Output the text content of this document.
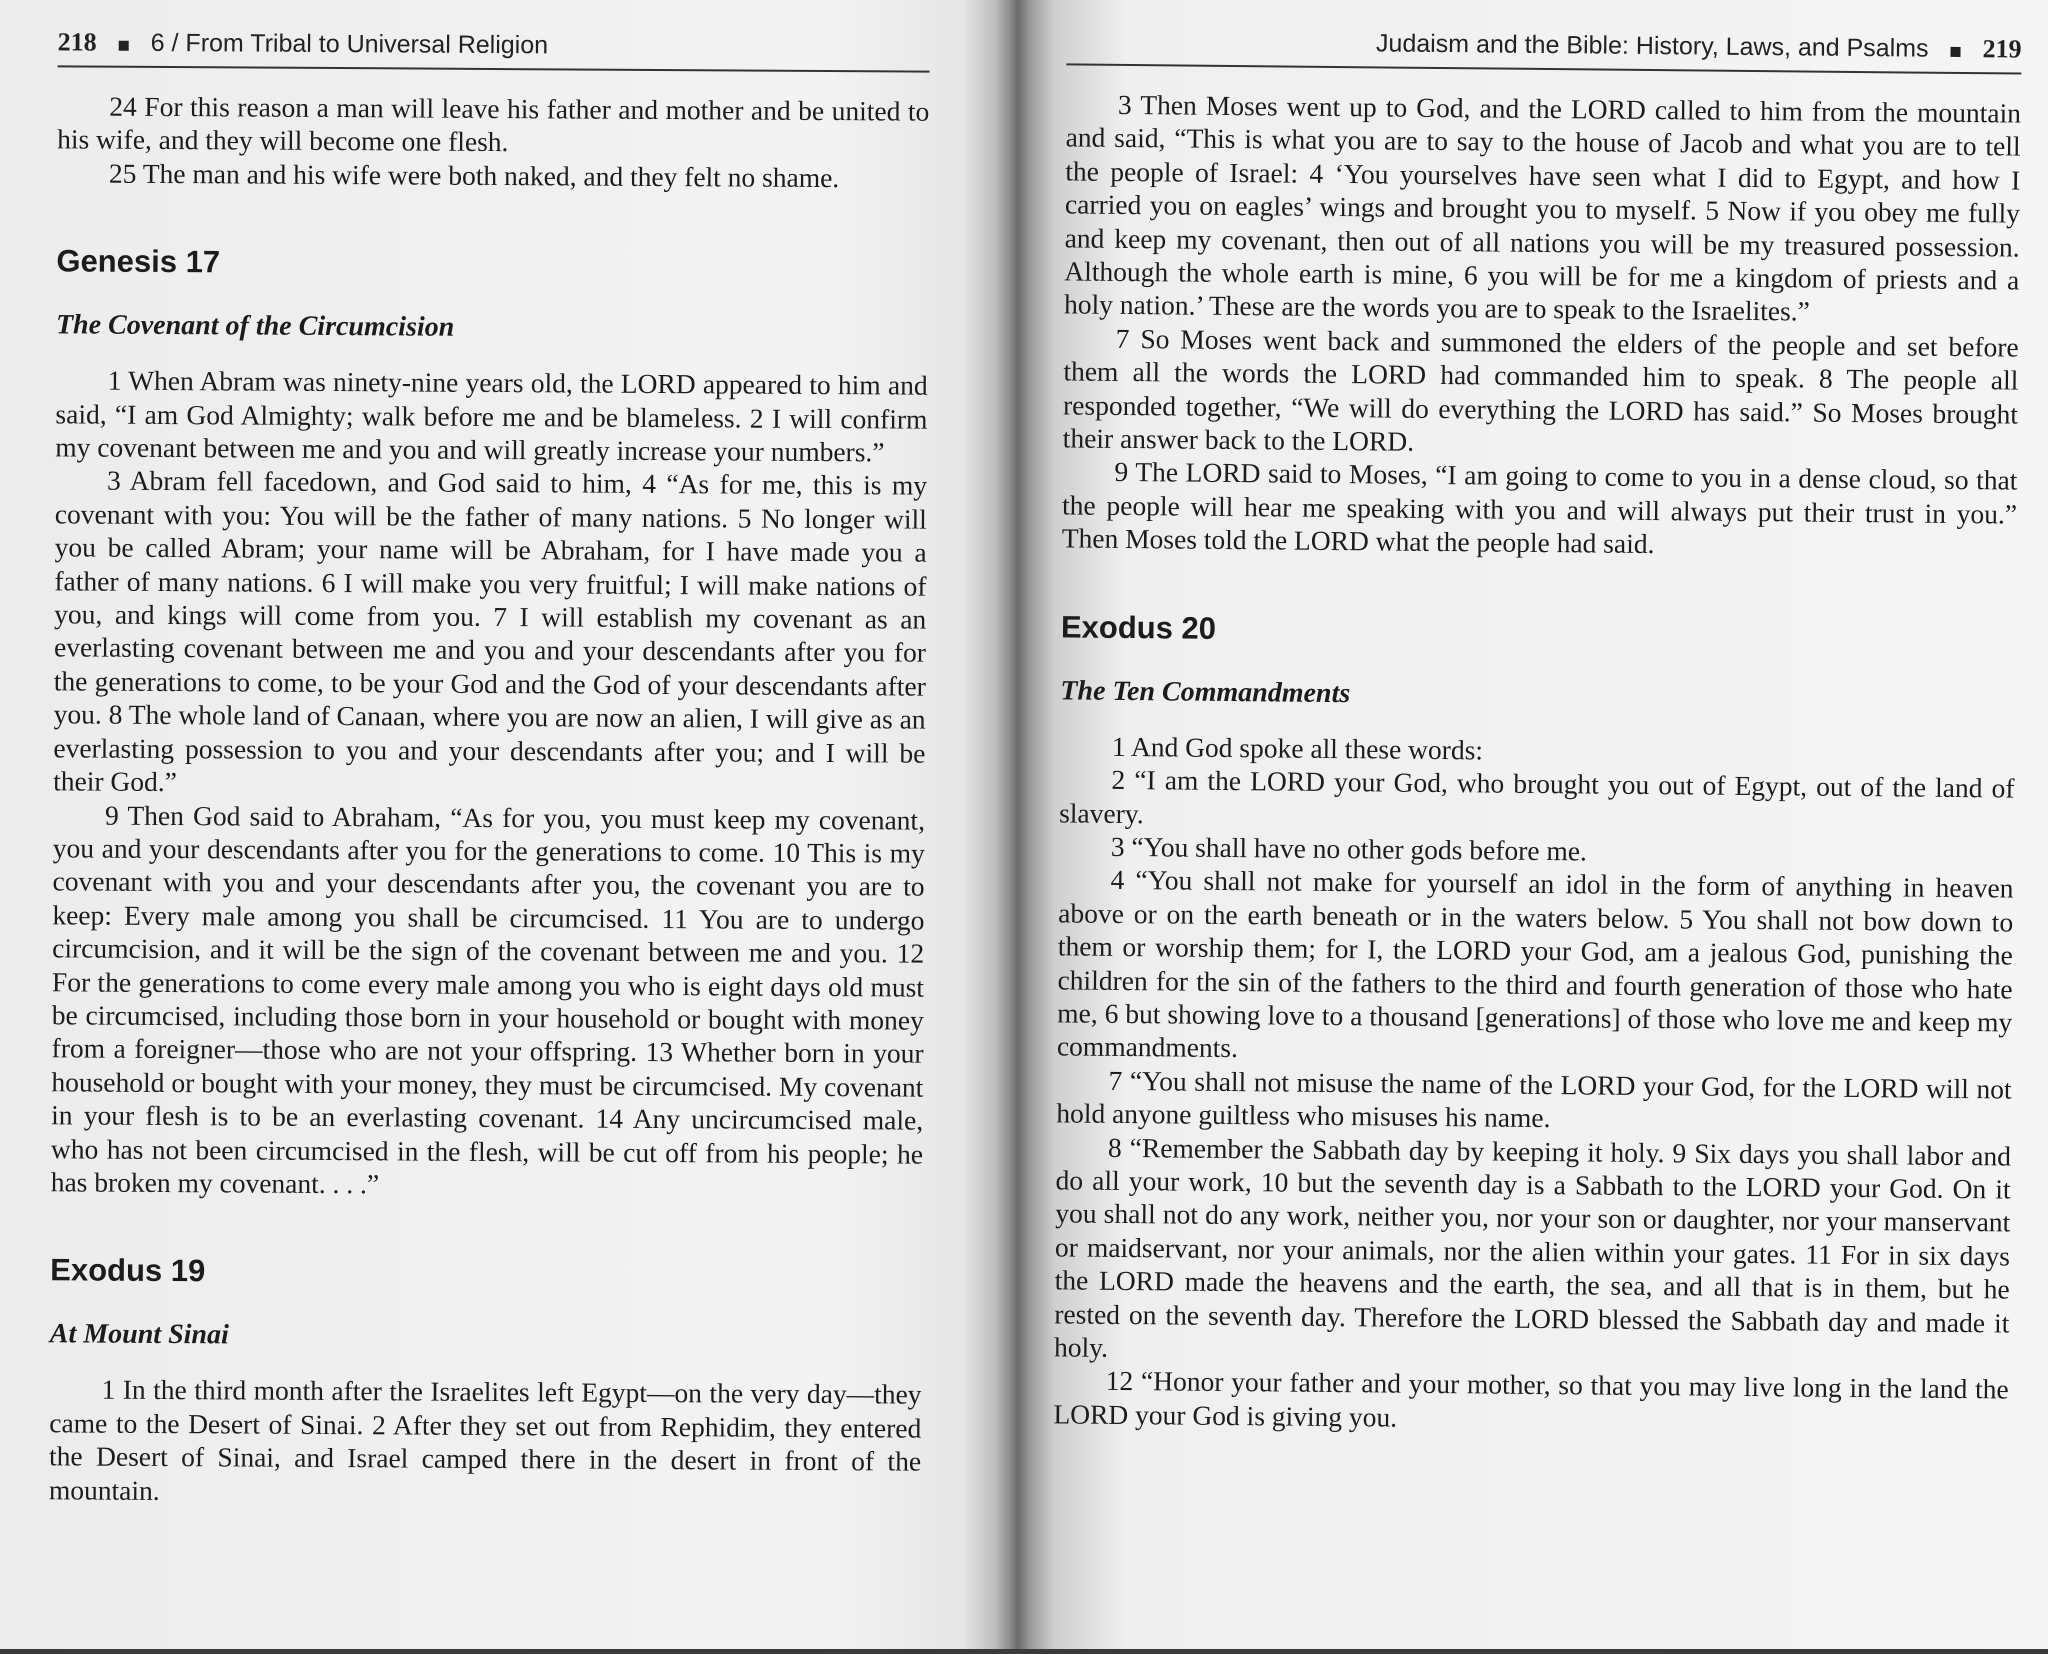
218 6 / From Tribal to Universal Religion

24 For this reason a man will leave his father and mother and be united to his wife, and they will become one flesh.

25 The man and his wife were both naked, and they felt no shame.

Genesis 17
The Covenant of the Circumcision

1 When Abram was ninety-nine years old, the LORD appeared to him and said, “I am God Almighty; walk before me and be blameless. 2 I will confirm my covenant between me and you and will greatly increase your numbers.”

3 Abram fell facedown, and God said to him, 4 “As for me, this is my covenant with you: You will be the father of many nations. 5 No longer will you be called Abram; your name will be Abraham, for I have made you a father of many nations. 6 I will make you very fruitful; I will make nations of you, and kings will come from you. 7 I will establish my covenant as an everlasting covenant between me and you and your descendants after you for the generations to come, to be your God and the God of your descendants after you. 8 The whole land of Canaan, where you are now an alien, I will give as an everlasting possession to you and your descendants after you; and I will be their God.”

9 Then God said to Abraham, “As for you, you must keep my covenant, you and your descendants after you for the generations to come. 10 This is my covenant with you and your descendants after you, the covenant you are to keep: Every male among you shall be circumcised. 11 You are to undergo circumcision, and it will be the sign of the covenant between me and you. 12 For the generations to come every male among you who is eight days old must be circumcised, including those born in your household or bought with money from a foreigner—those who are not your offspring. 13 Whether born in your household or bought with your money, they must be circumcised. My covenant in your flesh is to be an everlasting covenant. 14 Any uncircumcised male, who has not been circumcised in the flesh, will be cut off from his people; he has broken my covenant. . . .”

Exodus 19
At Mount Sinai

1 In the third month after the Israelites left Egypt—on the very day—they came to the Desert of Sinai. 2 After they set out from Rephidim, they entered the Desert of Sinai, and Israel camped there in the desert in front of the mountain.

Judaism and the Bible: History, Laws, and Psalms 219

3 Then Moses went up to God, and the LORD called to him from the mountain and said, “This is what you are to say to the house of Jacob and what you are to tell the people of Israel: 4 ‘You yourselves have seen what I did to Egypt, and how I carried you on eagles’ wings and brought you to myself. 5 Now if you obey me fully and keep my covenant, then out of all nations you will be my treasured possession. Although the whole earth is mine, 6 you will be for me a kingdom of priests and a holy nation.’ These are the words you are to speak to the Israelites.”

7 So Moses went back and summoned the elders of the people and set before them all the words the LORD had commanded him to speak. 8 The people all responded together, “We will do everything the LORD has said.” So Moses brought their answer back to the LORD.

9 The LORD said to Moses, “I am going to come to you in a dense cloud, so that the people will hear me speaking with you and will always put their trust in you.” Then Moses told the LORD what the people had said.

Exodus 20
The Ten Commandments

1 And God spoke all these words:

2 “I am the LORD your God, who brought you out of Egypt, out of the land of slavery.

3 “You shall have no other gods before me.

4 “You shall not make for yourself an idol in the form of anything in heaven above or on the earth beneath or in the waters below. 5 You shall not bow down to them or worship them; for I, the LORD your God, am a jealous God, punishing the children for the sin of the fathers to the third and fourth generation of those who hate me, 6 but showing love to a thousand [generations] of those who love me and keep my commandments.

7 “You shall not misuse the name of the LORD your God, for the LORD will not hold anyone guiltless who misuses his name.

8 “Remember the Sabbath day by keeping it holy. 9 Six days you shall labor and do all your work, 10 but the seventh day is a Sabbath to the LORD your God. On it you shall not do any work, neither you, nor your son or daughter, nor your manservant or maidservant, nor your animals, nor the alien within your gates. 11 For in six days the LORD made the heavens and the earth, the sea, and all that is in them, but he rested on the seventh day. Therefore the LORD blessed the Sabbath day and made it holy.

12 “Honor your father and your mother, so that you may live long in the land the LORD your God is giving you.
